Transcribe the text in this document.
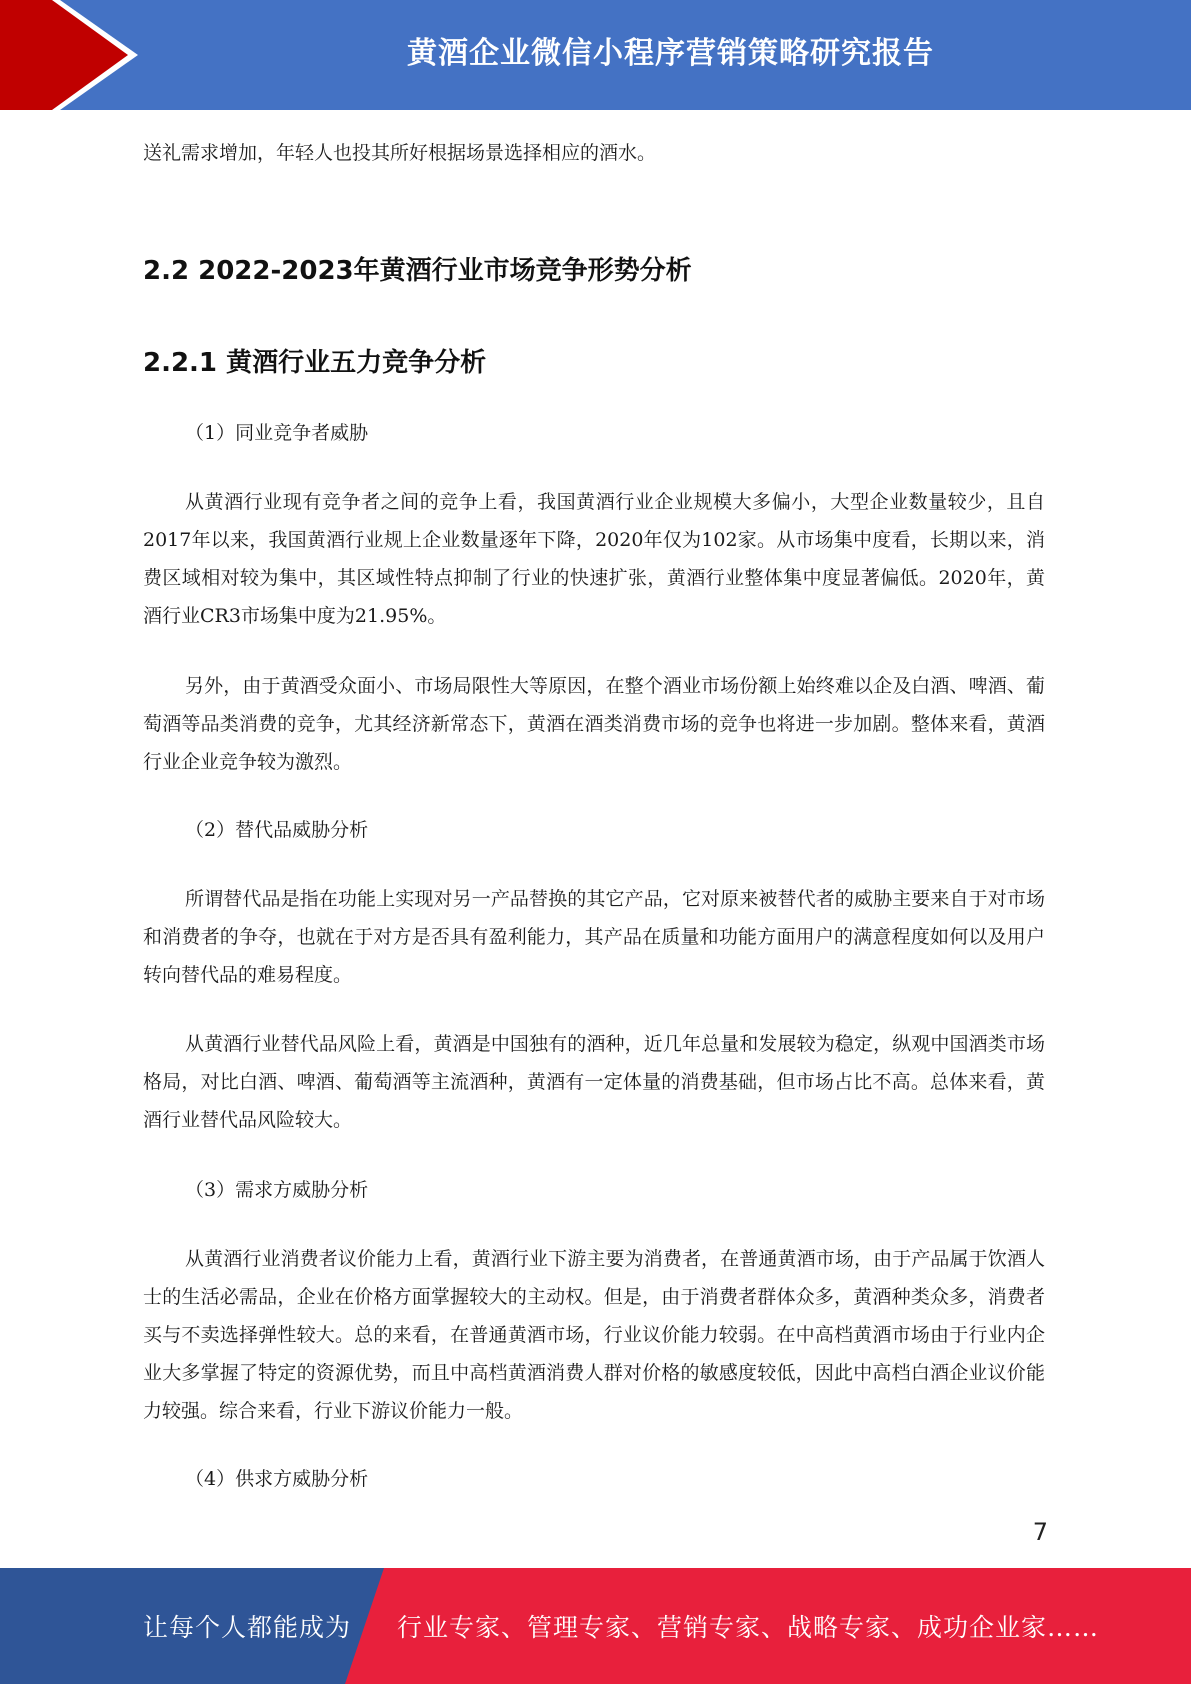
黄酒企业微信小程序营销策略研究报告
送礼需求增加，年轻人也投其所好根据场景选择相应的酒水。
2.2 2022-2023年黄酒行业市场竞争形势分析
2.2.1 黄酒行业五力竞争分析
（1）同业竞争者威胁
从黄酒行业现有竞争者之间的竞争上看，我国黄酒行业企业规模大多偏小，大型企业数量较少，且自2017年以来，我国黄酒行业规上企业数量逐年下降，2020年仅为102家。从市场集中度看，长期以来，消费区域相对较为集中，其区域性特点抑制了行业的快速扩张，黄酒行业整体集中度显著偏低。2020年，黄酒行业CR3市场集中度为21.95%。
另外，由于黄酒受众面小、市场局限性大等原因，在整个酒业市场份额上始终难以企及白酒、啤酒、葡萄酒等品类消费的竞争，尤其经济新常态下，黄酒在酒类消费市场的竞争也将进一步加剧。整体来看，黄酒行业企业竞争较为激烈。
（2）替代品威胁分析
所谓替代品是指在功能上实现对另一产品替换的其它产品，它对原来被替代者的威胁主要来自于对市场和消费者的争夺，也就在于对方是否具有盈利能力，其产品在质量和功能方面用户的满意程度如何以及用户转向替代品的难易程度。
从黄酒行业替代品风险上看，黄酒是中国独有的酒种，近几年总量和发展较为稳定，纵观中国酒类市场格局，对比白酒、啤酒、葡萄酒等主流酒种，黄酒有一定体量的消费基础，但市场占比不高。总体来看，黄酒行业替代品风险较大。
（3）需求方威胁分析
从黄酒行业消费者议价能力上看，黄酒行业下游主要为消费者，在普通黄酒市场，由于产品属于饮酒人士的生活必需品，企业在价格方面掌握较大的主动权。但是，由于消费者群体众多，黄酒种类众多，消费者买与不卖选择弹性较大。总的来看，在普通黄酒市场，行业议价能力较弱。在中高档黄酒市场由于行业内企业大多掌握了特定的资源优势，而且中高档黄酒消费人群对价格的敏感度较低，因此中高档白酒企业议价能力较强。综合来看，行业下游议价能力一般。
（4）供求方威胁分析
7
让每个人都能成为 行业专家、管理专家、营销专家、战略专家、成功企业家……
